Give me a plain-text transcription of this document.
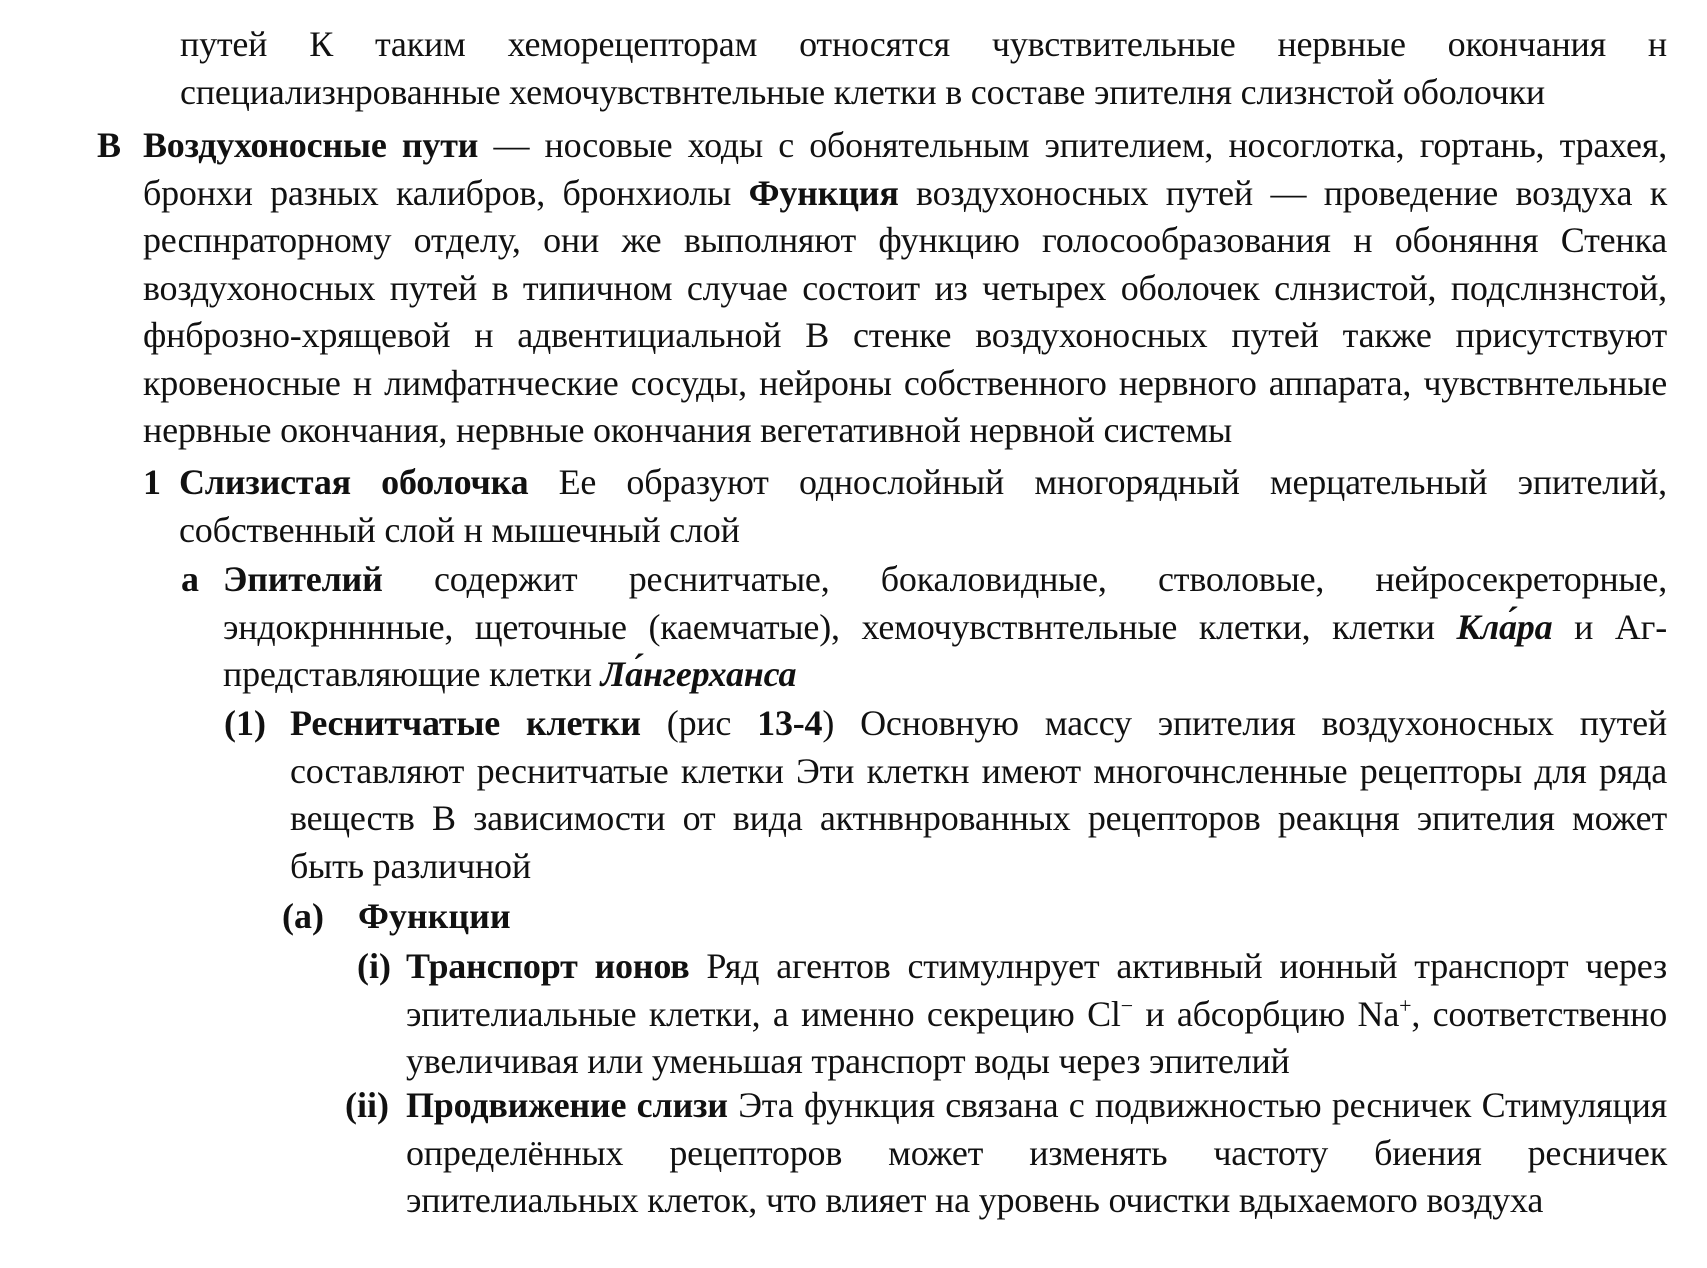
путей К таким хеморецепторам относятся чувствительные нервные окончания н специализнрованные хемочувствнтельные клетки в составе эпителня слизнстой оболочки
В Воздухоносные пути — носовые ходы с обонятельным эпителием, носоглотка, гортань, трахея, бронхи разных калибров, бронхиолы Функция воздухоносных путей — проведение воздуха к респнраторному отделу, они же выполняют функцию голосообразования н обоняння Стенка воздухоносных путей в типичном случае состоит из четырех оболочек слнзистой, подслнзнстой, фнброзно-хрящевой н адвентициальной В стенке воздухоносных путей также присутствуют кровеносные н лимфатнческие сосуды, нейроны собственного нервного аппарата, чувствнтельные нервные окончания, нервные окончания вегетативной нервной системы
1 Слизистая оболочка Ее образуют однослойный многорядный мерцательный эпителий, собственный слой н мышечный слой
а Эпителий содержит реснитчатые, бокаловидные, стволовые, нейросекреторные, эндокрнннные, щеточные (каемчатые), хемочувствнтельные клетки, клетки Кла́ра и Аг-представляющие клетки Ла́нгерханса
(1) Реснитчатые клетки (рис 13-4) Основную массу эпителия воздухоносных путей составляют реснитчатые клетки Эти клеткн имеют многочнсленные рецепторы для ряда веществ В зависимости от вида актнвнрованных рецепторов реакцня эпителия может быть различной
(а) Функции
(i) Транспорт ионов Ряд агентов стимулнрует активный ионный транспорт через эпителиальные клетки, а именно секрецию Cl− и абсорбцию Na+, соответственно увеличивая или уменьшая транспорт воды через эпителий
(ii) Продвижение слизи Эта функция связана с подвижностью ресничек Стимуляция определённых рецепторов может изменять частоту биения ресничек эпителиальных клеток, что влияет на уровень очистки вдыхаемого воздуха
